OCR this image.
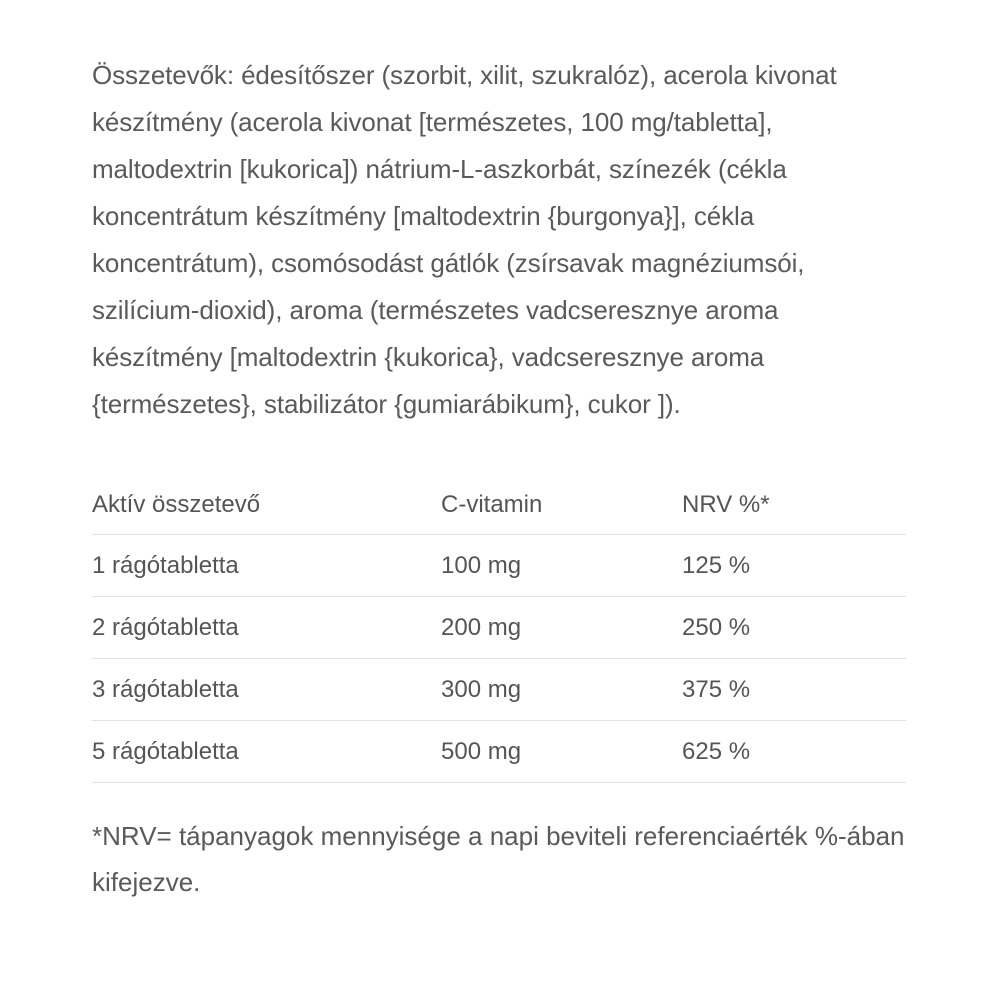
Összetevők: édesítőszer (szorbit, xilit, szukralóz), acerola kivonat készítmény (acerola kivonat [természetes, 100 mg/tabletta], maltodextrin [kukorica]) nátrium-L-aszkorbát, színezék (cékla koncentrátum készítmény [maltodextrin {burgonya}], cékla koncentrátum), csomósodást gátlók (zsírsavak magnéziumsói, szilícium-dioxid), aroma (természetes vadcseresznye aroma készítmény [maltodextrin {kukorica}, vadcseresznye aroma {természetes}, stabilizátor {gumiarábikum}, cukor ]).

Aktív összetevő	C-vitamin	NRV %*
1 rágótabletta	100 mg	125 %
2 rágótabletta	200 mg	250 %
3 rágótabletta	300 mg	375 %
5 rágótabletta	500 mg	625 %

*NRV= tápanyagok mennyisége a napi beviteli referenciaérték %-ában kifejezve.
